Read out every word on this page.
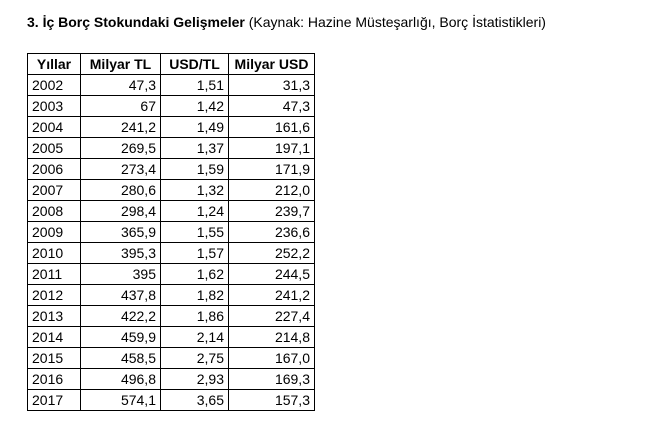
3. İç Borç Stokundaki Gelişmeler (Kaynak: Hazine Müsteşarlığı, Borç İstatistikleri)
Yıllar	Milyar TL	USD/TL	Milyar USD
2002	47,3	1,51	31,3
2003	67	1,42	47,3
2004	241,2	1,49	161,6
2005	269,5	1,37	197,1
2006	273,4	1,59	171,9
2007	280,6	1,32	212,0
2008	298,4	1,24	239,7
2009	365,9	1,55	236,6
2010	395,3	1,57	252,2
2011	395	1,62	244,5
2012	437,8	1,82	241,2
2013	422,2	1,86	227,4
2014	459,9	2,14	214,8
2015	458,5	2,75	167,0
2016	496,8	2,93	169,3
2017	574,1	3,65	157,3
